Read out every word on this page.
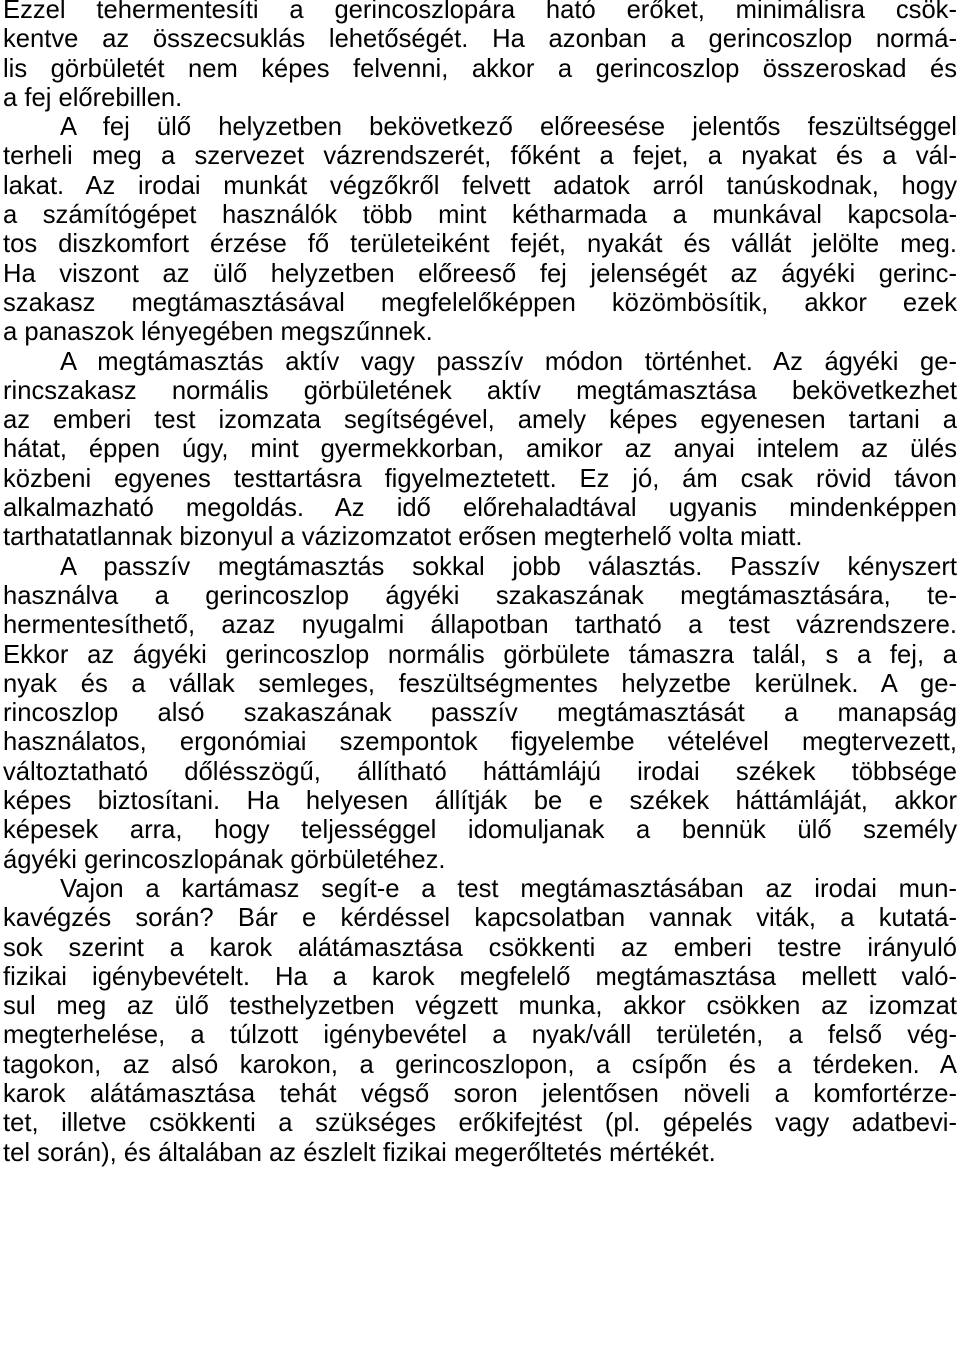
Ezzel tehermentesíti a gerincoszlopára ható erőket, minimálisra csök-
kentve az összecsuklás lehetőségét. Ha azonban a gerincoszlop normá-
lis görbületét nem képes felvenni, akkor a gerincoszlop összeroskad és
a fej előrebillen.
A fej ülő helyzetben bekövetkező előreesése jelentős feszültséggel
terheli meg a szervezet vázrendszerét, főként a fejet, a nyakat és a vál-
lakat. Az irodai munkát végzőkről felvett adatok arról tanúskodnak, hogy
a számítógépet használók több mint kétharmada a munkával kapcsola-
tos diszkomfort érzése fő területeiként fejét, nyakát és vállát jelölte meg.
Ha viszont az ülő helyzetben előreeső fej jelenségét az ágyéki gerinc-
szakasz megtámasztásával megfelelőképpen közömbösítik, akkor ezek
a panaszok lényegében megszűnnek.
A megtámasztás aktív vagy passzív módon történhet. Az ágyéki ge-
rincszakasz normális görbületének aktív megtámasztása bekövetkezhet
az emberi test izomzata segítségével, amely képes egyenesen tartani a
hátat, éppen úgy, mint gyermekkorban, amikor az anyai intelem az ülés
közbeni egyenes testtartásra figyelmeztetett. Ez jó, ám csak rövid távon
alkalmazható megoldás. Az idő előrehaladtával ugyanis mindenképpen
tarthatatlannak bizonyul a vázizomzatot erősen megterhelő volta miatt.
A passzív megtámasztás sokkal jobb választás. Passzív kényszert
használva a gerincoszlop ágyéki szakaszának megtámasztására, te-
hermentesíthető, azaz nyugalmi állapotban tartható a test vázrendszere.
Ekkor az ágyéki gerincoszlop normális görbülete támaszra talál, s a fej, a
nyak és a vállak semleges, feszültségmentes helyzetbe kerülnek. A ge-
rincoszlop alsó szakaszának passzív megtámasztását a manapság
használatos, ergonómiai szempontok figyelembe vételével megtervezett,
változtatható dőlésszögű, állítható háttámlájú irodai székek többsége
képes biztosítani. Ha helyesen állítják be e székek háttámláját, akkor
képesek arra, hogy teljességgel idomuljanak a bennük ülő személy
ágyéki gerincoszlopának görbületéhez.
Vajon a kartámasz segít-e a test megtámasztásában az irodai mun-
kavégzés során? Bár e kérdéssel kapcsolatban vannak viták, a kutatá-
sok szerint a karok alátámasztása csökkenti az emberi testre irányuló
fizikai igénybevételt. Ha a karok megfelelő megtámasztása mellett való-
sul meg az ülő testhelyzetben végzett munka, akkor csökken az izomzat
megterhelése, a túlzott igénybevétel a nyak/váll területén, a felső vég-
tagokon, az alsó karokon, a gerincoszlopon, a csípőn és a térdeken. A
karok alátámasztása tehát végső soron jelentősen növeli a komfortérze-
tet, illetve csökkenti a szükséges erőkifejtést (pl. gépelés vagy adatbevi-
tel során), és általában az észlelt fizikai megerőltetés mértékét.
